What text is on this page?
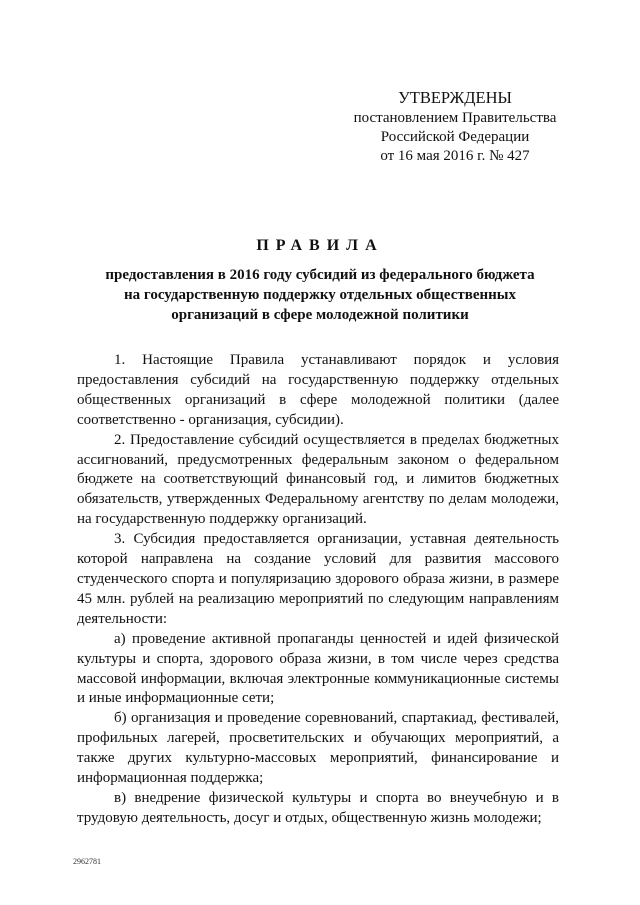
УТВЕРЖДЕНЫ
постановлением Правительства
Российской Федерации
от 16 мая 2016 г. № 427
ПРАВИЛА
предоставления в 2016 году субсидий из федерального бюджета
на государственную поддержку отдельных общественных
организаций в сфере молодежной политики

1. Настоящие Правила устанавливают порядок и условия предоставления субсидий на государственную поддержку отдельных общественных организаций в сфере молодежной политики (далее соответственно - организация, субсидии).

2. Предоставление субсидий осуществляется в пределах бюджетных ассигнований, предусмотренных федеральным законом о федеральном бюджете на соответствующий финансовый год, и лимитов бюджетных обязательств, утвержденных Федеральному агентству по делам молодежи, на государственную поддержку организаций.

3. Субсидия предоставляется организации, уставная деятельность которой направлена на создание условий для развития массового студенческого спорта и популяризацию здорового образа жизни, в размере 45 млн. рублей на реализацию мероприятий по следующим направлениям деятельности:

а) проведение активной пропаганды ценностей и идей физической культуры и спорта, здорового образа жизни, в том числе через средства массовой информации, включая электронные коммуникационные системы и иные информационные сети;

б) организация и проведение соревнований, спартакиад, фестивалей, профильных лагерей, просветительских и обучающих мероприятий, а также других культурно-массовых мероприятий, финансирование и информационная поддержка;

в) внедрение физической культуры и спорта во внеучебную и в трудовую деятельность, досуг и отдых, общественную жизнь молодежи;

2962781
